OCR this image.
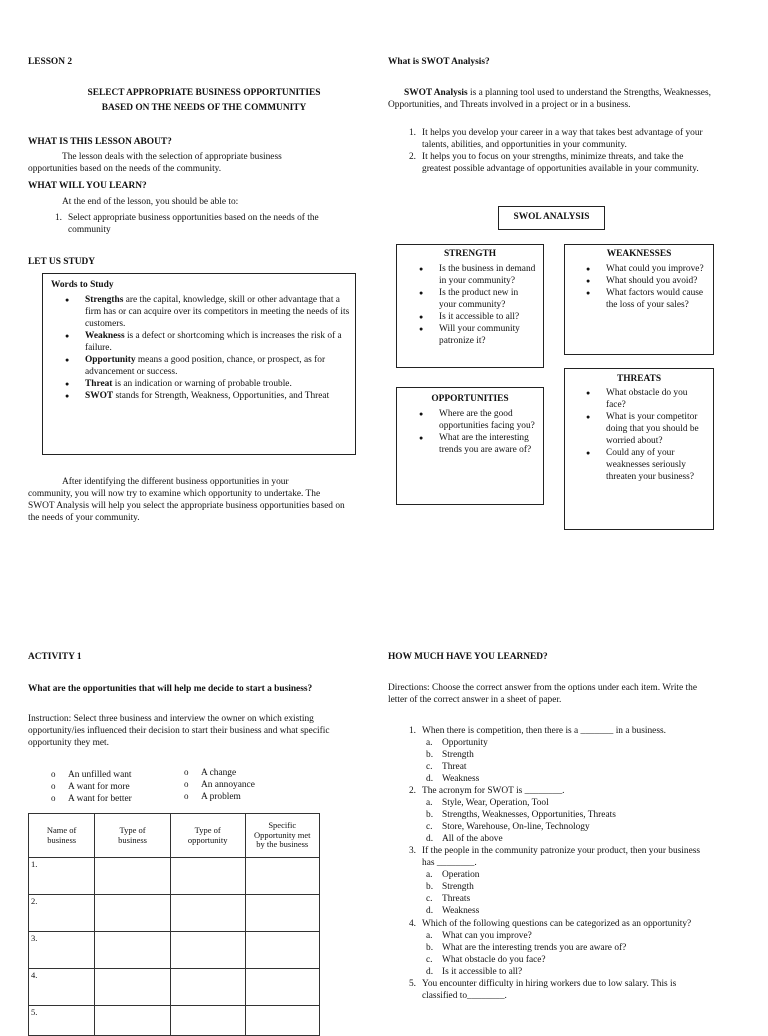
LESSON 2
SELECT APPROPRIATE BUSINESS OPPORTUNITIES
BASED ON THE NEEDS OF THE COMMUNITY
WHAT IS THIS LESSON ABOUT?

The lesson deals with the selection of appropriate business opportunities based on the needs of the community.

WHAT WILL YOU LEARN?

At the end of the lesson, you should be able to:

1. Select appropriate business opportunities based on the needs of the community
LET US STUDY
Words to Study
● Strengths are the capital, knowledge, skill or other advantage that a firm has or can acquire over its competitors in meeting the needs of its customers.
● Weakness is a defect or shortcoming which is increases the risk of a failure.
● Opportunity means a good position, chance, or prospect, as for advancement or success.
● Threat is an indication or warning of probable trouble.
● SWOT stands for Strength, Weakness, Opportunities, and Threat
After identifying the different business opportunities in your
community, you will now try to examine which opportunity to undertake. The SWOT Analysis will help you select the appropriate business opportunities based on the needs of your community.
What is SWOT Analysis?

SWOT Analysis is a planning tool used to understand the Strengths, Weaknesses, Opportunities, and Threats involved in a project or in a business.

1. It helps you develop your career in a way that takes best advantage of your talents, abilities, and opportunities in your community.
2. It helps you to focus on your strengths, minimize threats, and take the greatest possible advantage of opportunities available in your community.
SWOL ANALYSIS
STRENGTH
● Is the business in demand in your community?
● Is the product new in your community?
● Is it accessible to all?
● Will your community patronize it?
WEAKNESSES
● What could you improve?
● What should you avoid?
● What factors would cause the loss of your sales?
OPPORTUNITIES
● Where are the good opportunities facing you?
● What are the interesting trends you are aware of?
THREATS
● What obstacle do you face?
● What is your competitor doing that you should be worried about?
● Could any of your weaknesses seriously threaten your business?
ACTIVITY 1
What are the opportunities that will help me decide to start a business?

Instruction: Select three business and interview the owner on which existing opportunity/ies influenced their decision to start their business and what specific opportunity they met.

o An unfilled want
o A want for more
o A want for better
o A change
o An annoyance
o A problem
Name of business	Type of business	Type of opportunity	Specific Opportunity met by the business
1.			
2.			
3.			
4.			
5.			
HOW MUCH HAVE YOU LEARNED?

Directions: Choose the correct answer from the options under each item. Write the letter of the correct answer in a sheet of paper.

1. When there is competition, then there is a _______ in a business.
a.	Opportunity
b. Strength
c.	Threat
d. Weakness
2. The acronym for SWOT is ________.
a.	Style, Wear, Operation, Tool
b. Strengths, Weaknesses, Opportunities, Threats
c.	Store, Warehouse, On-line, Technology
d. All of the above
3. If the people in the community patronize your product, then your business has ________.
a.	Operation
b. Strength
c.	Threats
d. Weakness
4. Which of the following questions can be categorized as an opportunity?
a.	What can you improve?
b. What are the interesting trends you are aware of?
c.	What obstacle do you face?
d. Is it accessible to all?
5. You encounter difficulty in hiring workers due to low salary. This is classified to________.
